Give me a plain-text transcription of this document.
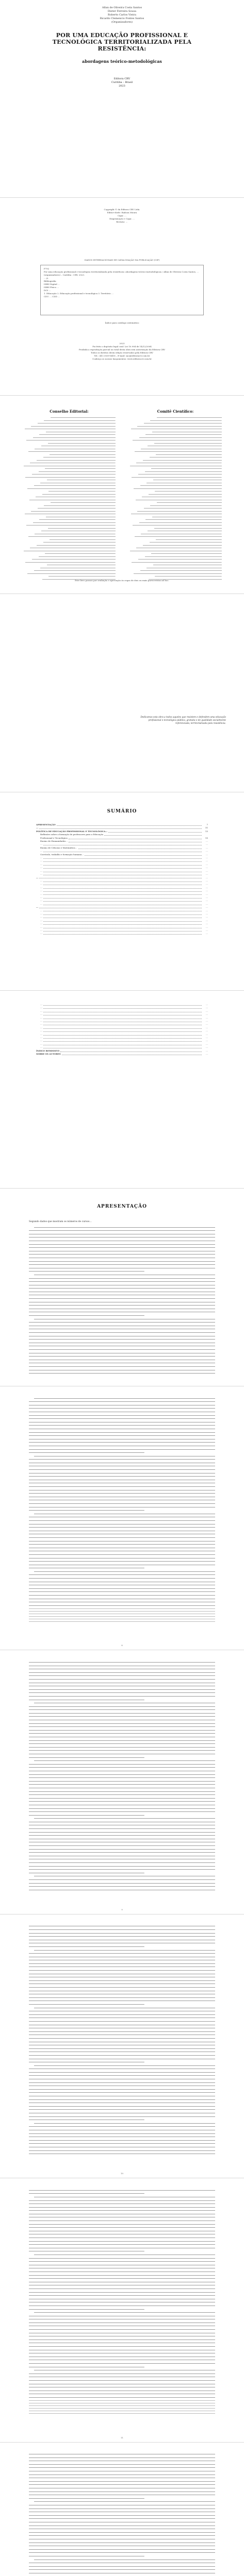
Allan de Oliveira Costa Santos
Dieter Ferreira Sousa
Roberto Carlos Vieira
Ricardo Clemencio Fontes Santos
(Organizadores)
POR UMA EDUCAÇÃO PROFISSIONAL E TECNOLÓGICA TERRITORIALIZADA PELA RESISTÊNCIA:
abordagens teórico-metodológicas
Editora CRV
Curitiba – Brasil
2023
Copyright © da Editora CRV Ltda.
Editor-chefe: Railson Moura
Capa: …
Diagramação e Capa: …
Revisão: …
DADOS INTERNACIONAIS DE CATALOGAÇÃO NA PUBLICAÇÃO (CIP)

P792

Por uma educação profissional e tecnológica territorializada pela resistência: abordagens teórico-metodológicas / Allan de Oliveira Costa Santos, … (organizadores) – Curitiba : CRV, 2023.

… p.

Bibliografia

ISBN Digital …

ISBN Físico …

DOI …

1. Educação 2. Educação profissional e tecnológica 3. Território …

CDU … CDD …

Índice para catálogo sistemático
2023
Foi feito o depósito legal conf. Lei 10.994 de 14/12/2004
Proibida a reprodução parcial ou total desta obra sem autorização da Editora CRV
Todos os direitos desta edição reservados pela Editora CRV
Tel.: (41) 3039-6418 – E-mail: sac@editoracrv.com.br
Conheça os nossos lançamentos: www.editoracrv.com.br
Conselho Editorial:	Comitê Científico:
Este livro passou por avaliação e aprovação às cegas de dois ou mais pareceristas ad hoc.
Dedicamos esta obra a todos aqueles que resistem e defendem uma educação profissional e tecnológica pública, gratuita e de qualidade socialmente referenciada, territorializada pela resistência.
SUMÁRIO
APRESENTAÇÃO	7
…	11
POLÍTICA DE EDUCAÇÃO PROFISSIONAL E TECNOLÓGICA…	13
Reflexões sobre a formação de professores para a Educação
Profissional e Tecnológica	15
Ensino de Humanidades…	…
…	…
Ensino de Ciências e Matemática…	…
…	…
Currículo, trabalho e formação humana…	…
…	…
…	…
…	…
…	…
…	…
…	…
…	…
…	…
…	…
…	…
…	…
…	…
…	…
…	…
…	…
…	…
…	…
…	…
…	…
…	…
…	…
…	…
…	…
…	…
…	…
…	…
…	…
…	…
…	…
…	…
…	…
…	…
…	…
…	…
…	…
…	…
…	…
…	…
ÍNDICE REMISSIVO	…
SOBRE OS AUTORES	…
APRESENTAÇÃO
Segundo dados que mostram os números de cursos…
8
9
10
11
